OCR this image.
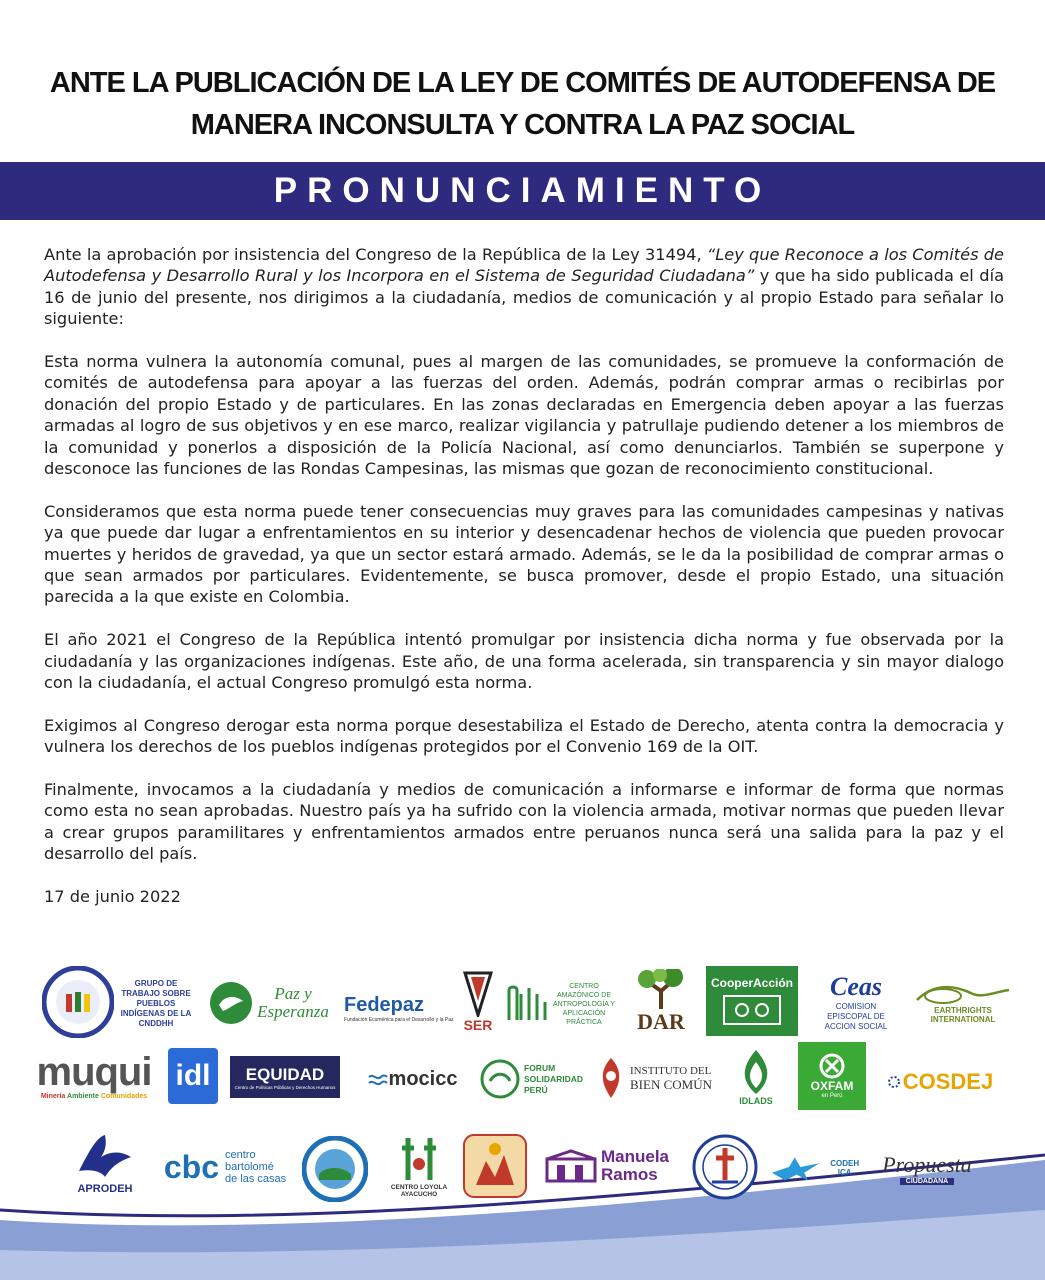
ANTE LA PUBLICACIÓN DE LA LEY DE COMITÉS DE AUTODEFENSA DE
MANERA INCONSULTA Y CONTRA LA PAZ SOCIAL
PRONUNCIAMIENTO

Ante la aprobación por insistencia del Congreso de la República de la Ley 31494, “Ley que Reconoce a los Comités de Autodefensa y Desarrollo Rural y los Incorpora en el Sistema de Seguridad Ciudadana” y que ha sido publicada el día 16 de junio del presente, nos dirigimos a la ciudadanía, medios de comunicación y al propio Estado para señalar lo siguiente:

Esta norma vulnera la autonomía comunal, pues al margen de las comunidades, se promueve la conformación de comités de autodefensa para apoyar a las fuerzas del orden. Además, podrán comprar armas o recibirlas por donación del propio Estado y de particulares. En las zonas declaradas en Emergencia deben apoyar a las fuerzas armadas al logro de sus objetivos y en ese marco, realizar vigilancia y patrullaje pudiendo detener a los miembros de la comunidad y ponerlos a disposición de la Policía Nacional, así como denunciarlos. También se superpone y desconoce las funciones de las Rondas Campesinas, las mismas que gozan de reconocimiento constitucional.

Consideramos que esta norma puede tener consecuencias muy graves para las comunidades campesinas y nativas ya que puede dar lugar a enfrentamientos en su interior y desencadenar hechos de violencia que pueden provocar muertes y heridos de gravedad, ya que un sector estará armado. Además, se le da la posibilidad de comprar armas o que sean armados por particulares. Evidentemente, se busca promover, desde el propio Estado, una situación parecida a la que existe en Colombia.

El año 2021 el Congreso de la República intentó promulgar por insistencia dicha norma y fue observada por la ciudadanía y las organizaciones indígenas. Este año, de una forma acelerada, sin transparencia y sin mayor dialogo con la ciudadanía, el actual Congreso promulgó esta norma.

Exigimos al Congreso derogar esta norma porque desestabiliza el Estado de Derecho, atenta contra la democracia y vulnera los derechos de los pueblos indígenas protegidos por el Convenio 169 de la OIT.

Finalmente, invocamos a la ciudadanía y medios de comunicación a informarse e informar de forma que normas como esta no sean aprobadas. Nuestro país ya ha sufrido con la violencia armada, motivar normas que pueden llevar a crear grupos paramilitares y enfrentamientos armados entre peruanos nunca será una salida para la paz y el desarrollo del país.

17 de junio 2022
GRUPO DE TRABAJO SOBRE PUEBLOS INDÍGENAS DE LA CNDDHH
Paz y
Esperanza Fedepaz
Fundación Ecuménica para el Desarrollo y la Paz SER
CENTRO AMAZÓNICO DE ANTROPOLOGÍA Y APLICACIÓN PRÁCTICA	DAR
CooperAcción Ceas
COMISION EPISCOPAL DE ACCION SOCIAL
EARTHRIGHTS INTERNATIONAL
muqui
Minería Ambiente Comunidades
idl EQUIDAD
Centro de Políticas Públicas y Derechos Humanos	mocicc	FORUM SOLIDARIDAD PERÚ
INSTITUTO DEL
BIEN COMÚN
IDLADS
OXFAM
en Perú
COSDEJ
APRODEH
cbc centro
bartolomé
de las casas
CENTRO LOYOLA
AYACUCHO
Manuela
Ramos
CODEH ICA	Propuesta
CIUDADANA
